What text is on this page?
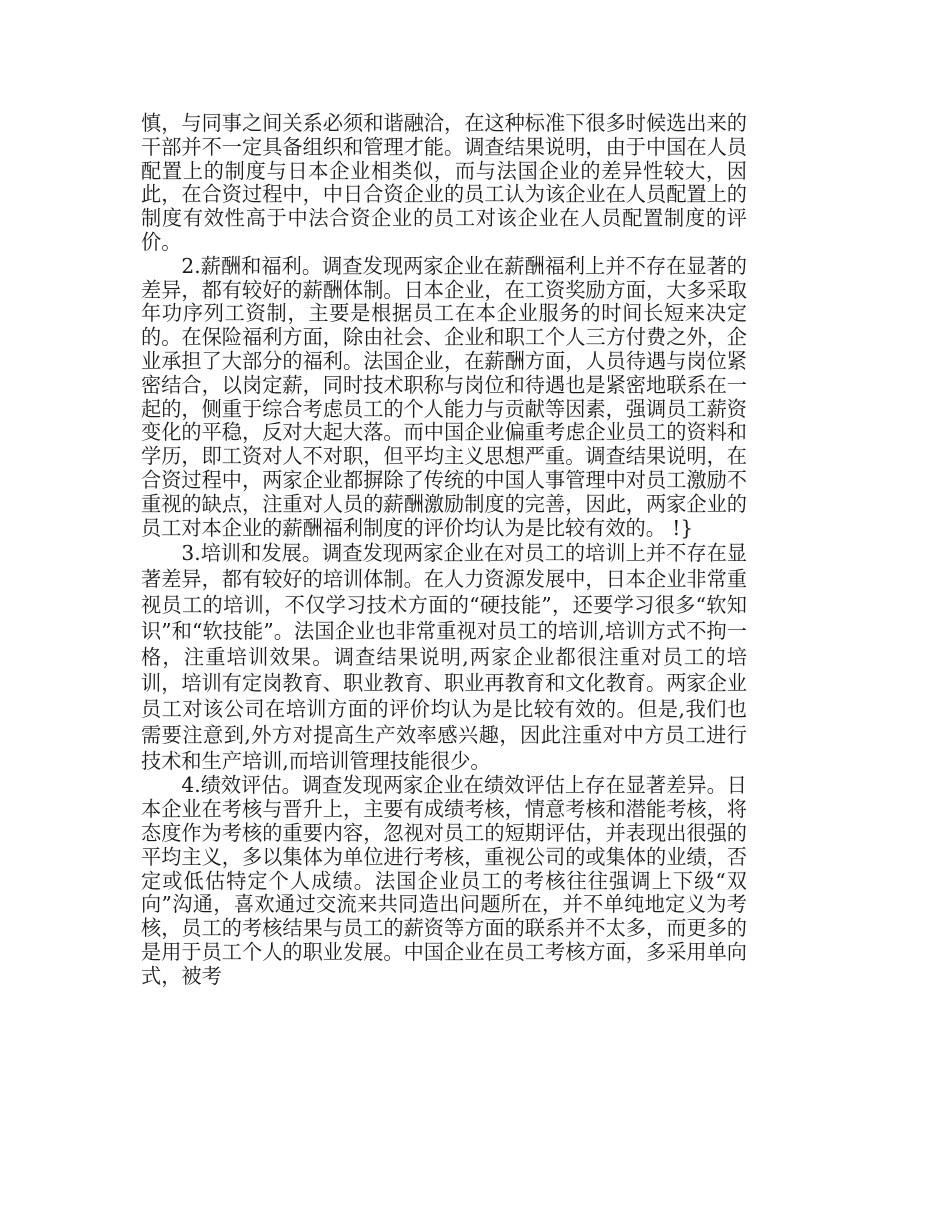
慎，与同事之间关系必须和谐融洽，在这种标准下很多时候选出来的干部并不一定具备组织和管理才能。调查结果说明，由于中国在人员配置上的制度与日本企业相类似，而与法国企业的差异性较大，因此，在合资过程中，中日合资企业的员工认为该企业在人员配置上的制度有效性高于中法合资企业的员工对该企业在人员配置制度的评价。

2.薪酬和福利。调查发现两家企业在薪酬福利上并不存在显著的差异，都有较好的薪酬体制。日本企业，在工资奖励方面，大多采取年功序列工资制，主要是根据员工在本企业服务的时间长短来决定的。在保险福利方面，除由社会、企业和职工个人三方付费之外，企业承担了大部分的福利。法国企业，在薪酬方面，人员待遇与岗位紧密结合，以岗定薪，同时技术职称与岗位和待遇也是紧密地联系在一起的，侧重于综合考虑员工的个人能力与贡献等因素，强调员工薪资变化的平稳，反对大起大落。而中国企业偏重考虑企业员工的资料和学历，即工资对人不对职，但平均主义思想严重。调查结果说明，在合资过程中，两家企业都摒除了传统的中国人事管理中对员工激励不重视的缺点，注重对人员的薪酬激励制度的完善，因此，两家企业的员工对本企业的薪酬福利制度的评价均认为是比较有效的。 !}

3.培训和发展。调查发现两家企业在对员工的培训上并不存在显著差异，都有较好的培训体制。在人力资源发展中，日本企业非常重视员工的培训，不仅学习技术方面的“硬技能”，还要学习很多“软知识”和“软技能”。法国企业也非常重视对员工的培训,培训方式不拘一格，注重培训效果。调查结果说明,两家企业都很注重对员工的培训，培训有定岗教育、职业教育、职业再教育和文化教育。两家企业员工对该公司在培训方面的评价均认为是比较有效的。但是,我们也需要注意到,外方对提高生产效率感兴趣，因此注重对中方员工进行技术和生产培训,而培训管理技能很少。

4.绩效评估。调查发现两家企业在绩效评估上存在显著差异。日本企业在考核与晋升上，主要有成绩考核，情意考核和潜能考核，将态度作为考核的重要内容，忽视对员工的短期评估，并表现出很强的平均主义，多以集体为单位进行考核，重视公司的或集体的业绩，否定或低估特定个人成绩。法国企业员工的考核往往强调上下级“双向”沟通，喜欢通过交流来共同造出问题所在，并不单纯地定义为考核，员工的考核结果与员工的薪资等方面的联系并不太多，而更多的是用于员工个人的职业发展。中国企业在员工考核方面，多采用单向式，被考
